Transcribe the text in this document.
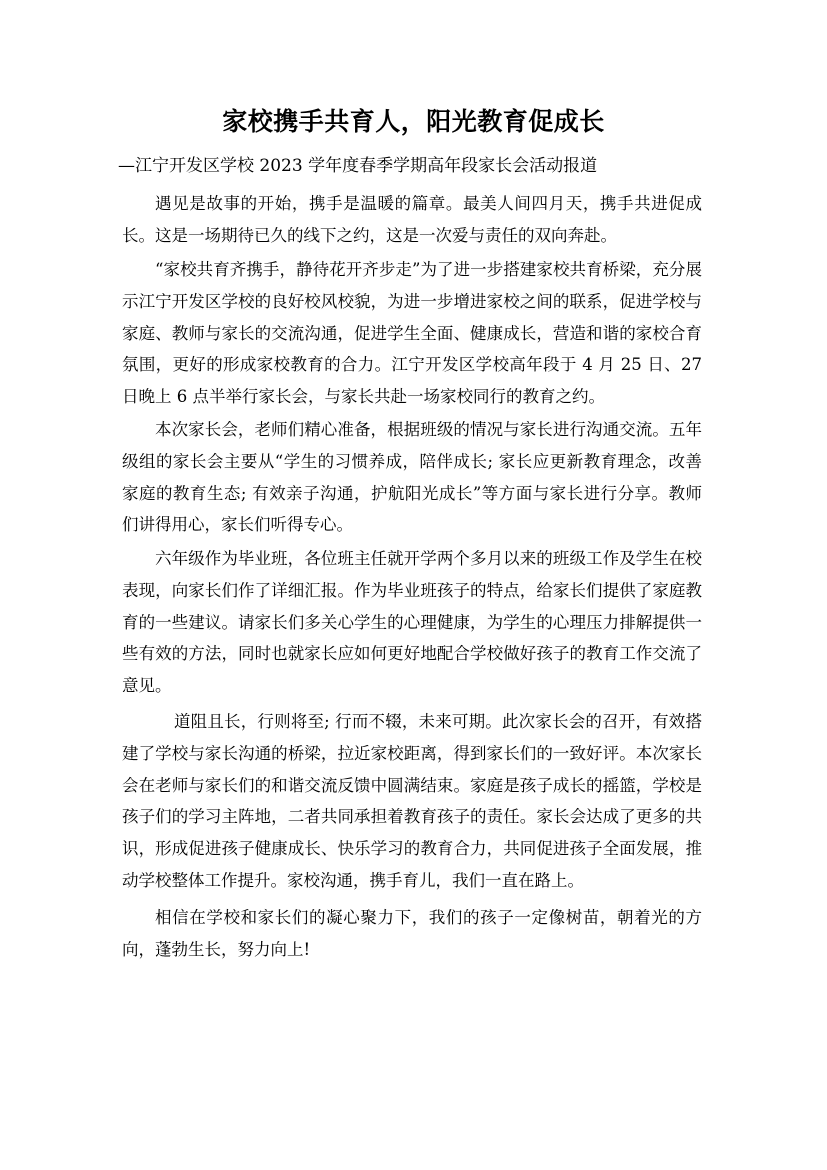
家校携手共育人，阳光教育促成长

—江宁开发区学校 2023 学年度春季学期高年段家长会活动报道

遇见是故事的开始，携手是温暖的篇章。最美人间四月天，携手共进促成长。这是一场期待已久的线下之约，这是一次爱与责任的双向奔赴。

“家校共育齐携手，静待花开齐步走”为了进一步搭建家校共育桥梁，充分展示江宁开发区学校的良好校风校貌，为进一步增进家校之间的联系，促进学校与家庭、教师与家长的交流沟通，促进学生全面、健康成长，营造和谐的家校合育氛围，更好的形成家校教育的合力。江宁开发区学校高年段于 4 月 25 日、27 日晚上 6 点半举行家长会，与家长共赴一场家校同行的教育之约。

本次家长会，老师们精心准备，根据班级的情况与家长进行沟通交流。五年级组的家长会主要从“学生的习惯养成，陪伴成长; 家长应更新教育理念，改善家庭的教育生态; 有效亲子沟通，护航阳光成长”等方面与家长进行分享。教师们讲得用心，家长们听得专心。

六年级作为毕业班，各位班主任就开学两个多月以来的班级工作及学生在校表现，向家长们作了详细汇报。作为毕业班孩子的特点，给家长们提供了家庭教育的一些建议。请家长们多关心学生的心理健康，为学生的心理压力排解提供一些有效的方法，同时也就家长应如何更好地配合学校做好孩子的教育工作交流了意见。

道阻且长，行则将至; 行而不辍，未来可期。此次家长会的召开，有效搭建了学校与家长沟通的桥梁，拉近家校距离，得到家长们的一致好评。本次家长会在老师与家长们的和谐交流反馈中圆满结束。家庭是孩子成长的摇篮，学校是孩子们的学习主阵地，二者共同承担着教育孩子的责任。家长会达成了更多的共识，形成促进孩子健康成长、快乐学习的教育合力，共同促进孩子全面发展，推动学校整体工作提升。家校沟通，携手育儿，我们一直在路上。

相信在学校和家长们的凝心聚力下，我们的孩子一定像树苗，朝着光的方向，蓬勃生长，努力向上!
